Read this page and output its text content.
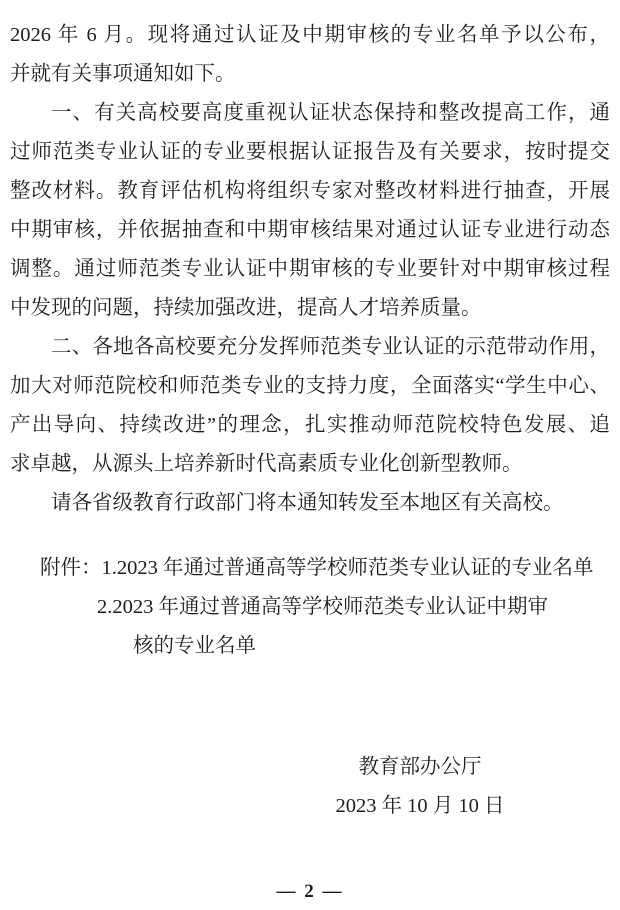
2026 年 6 月。现将通过认证及中期审核的专业名单予以公布，

并就有关事项通知如下。

一、有关高校要高度重视认证状态保持和整改提高工作，通

过师范类专业认证的专业要根据认证报告及有关要求，按时提交

整改材料。教育评估机构将组织专家对整改材料进行抽查，开展

中期审核，并依据抽查和中期审核结果对通过认证专业进行动态

调整。通过师范类专业认证中期审核的专业要针对中期审核过程

中发现的问题，持续加强改进，提高人才培养质量。

二、各地各高校要充分发挥师范类专业认证的示范带动作用，

加大对师范院校和师范类专业的支持力度，全面落实“学生中心、

产出导向、持续改进”的理念，扎实推动师范院校特色发展、追

求卓越，从源头上培养新时代高素质专业化创新型教师。

请各省级教育行政部门将本通知转发至本地区有关高校。

附件：1.2023 年通过普通高等学校师范类专业认证的专业名单

2.2023 年通过普通高等学校师范类专业认证中期审

核的专业名单

教育部办公厅

2023 年 10 月 10 日

— 2 —
